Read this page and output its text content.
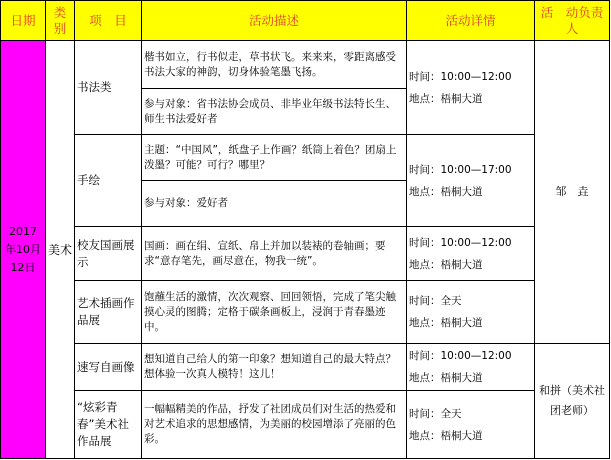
日期	类别	项　目	活动描述	活动详情	活　动负责人
2017年10月12日	美术	书法类	楷书如立，行书似走，草书状飞。来来来，零距离感受书法大家的神韵，切身体验笔墨飞扬。	时间：10:00—12:00
地点：梧桐大道	邹　垚
			参与对象：省书法协会成员、非毕业年级书法特长生、师生书法爱好者		
		手绘	主题：“中国风”，纸盘子上作画？纸筒上着色？团扇上泼墨？可能？可行？哪里？	时间：10:00—17:00
地点：梧桐大道	

			参与对象：爱好者		
		校友国画展示	国画：画在绢、宣纸、帛上并加以装裱的卷轴画；要求“意存笔先，画尽意在，物我一统”。	时间：10:00—12:00
地点：梧桐大道	

		艺术插画作品展	饱蘸生活的激情，次次观察、回回领悟，完成了笔尖触摸心灵的图腾；定格于碳条画板上，浸润于青春墨迹中。	时间：全天
地点：梧桐大道	

		速写自画像	想知道自己给人的第一印象？想知道自己的最大特点？想体验一次真人模特！这儿！	时间：10:00—12:00
地点：梧桐大道	和拼（美术社团老师）
		“炫彩青春”美术社作品展	一幅幅精美的作品，抒发了社团成员们对生活的热爱和对艺术追求的思想感情，为美丽的校园增添了亮丽的色彩。	时间：全天
地点：梧桐大道	
